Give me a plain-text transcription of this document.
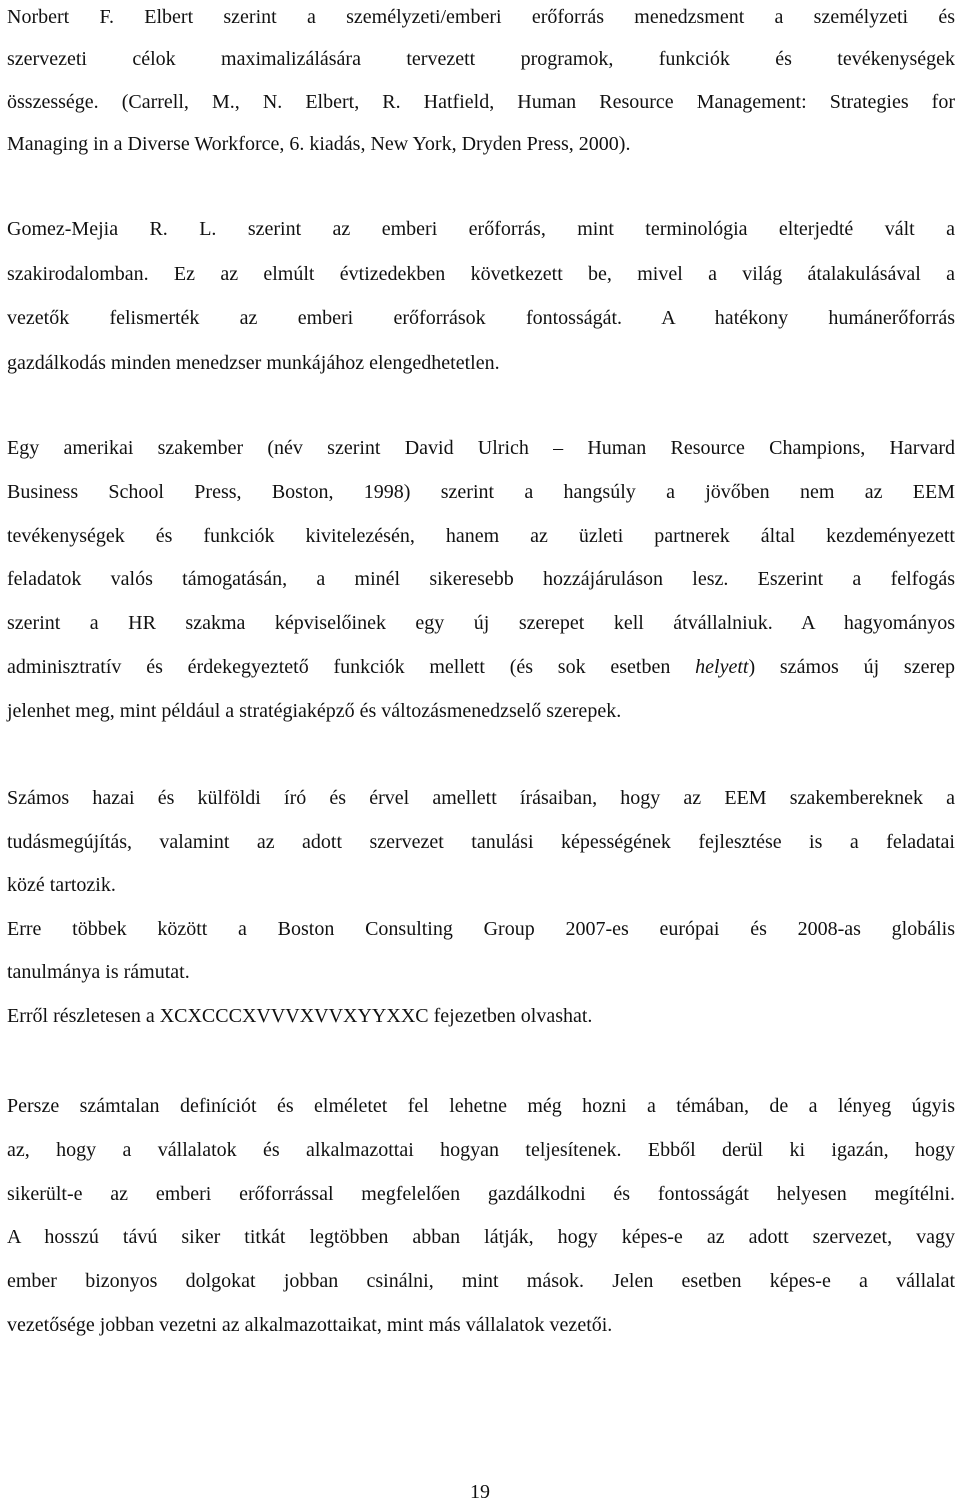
Norbert F. Elbert szerint a személyzeti/emberi erőforrás menedzsment a személyzeti és
szervezeti célok maximalizálására tervezett programok, funkciók és tevékenységek
összessége. (Carrell, M., N. Elbert, R. Hatfield, Human Resource Management: Strategies for
Managing in a Diverse Workforce, 6. kiadás, New York, Dryden Press, 2000).
Gomez-Mejia R. L. szerint az emberi erőforrás, mint terminológia elterjedté vált a
szakirodalomban. Ez az elmúlt évtizedekben következett be, mivel a világ átalakulásával a
vezetők felismerték az emberi erőforrások fontosságát. A hatékony humánerőforrás
gazdálkodás minden menedzser munkájához elengedhetetlen.
Egy amerikai szakember (név szerint David Ulrich – Human Resource Champions, Harvard
Business School Press, Boston, 1998) szerint a hangsúly a jövőben nem az EEM
tevékenységek és funkciók kivitelezésén, hanem az üzleti partnerek által kezdeményezett
feladatok valós támogatásán, a minél sikeresebb hozzájáruláson lesz. Eszerint a felfogás
szerint a HR szakma képviselőinek egy új szerepet kell átvállalniuk. A hagyományos
adminisztratív és érdekegyeztető funkciók mellett (és sok esetben helyett) számos új szerep
jelenhet meg, mint például a stratégiaképző és változásmenedzselő szerepek.
Számos hazai és külföldi író és érvel amellett írásaiban, hogy az EEM szakembereknek a
tudásmegújítás, valamint az adott szervezet tanulási képességének fejlesztése is a feladatai
közé tartozik.
Erre többek között a Boston Consulting Group 2007-es európai és 2008-as globális
tanulmánya is rámutat.
Erről részletesen a XCXCCCXVVVXVVXYYXXC fejezetben olvashat.
Persze számtalan definíciót és elméletet fel lehetne még hozni a témában, de a lényeg úgyis
az, hogy a vállalatok és alkalmazottai hogyan teljesítenek. Ebből derül ki igazán, hogy
sikerült-e az emberi erőforrással megfelelően gazdálkodni és fontosságát helyesen megítélni.
A hosszú távú siker titkát legtöbben abban látják, hogy képes-e az adott szervezet, vagy
ember bizonyos dolgokat jobban csinálni, mint mások. Jelen esetben képes-e a vállalat
vezetősége jobban vezetni az alkalmazottaikat, mint más vállalatok vezetői.
19
